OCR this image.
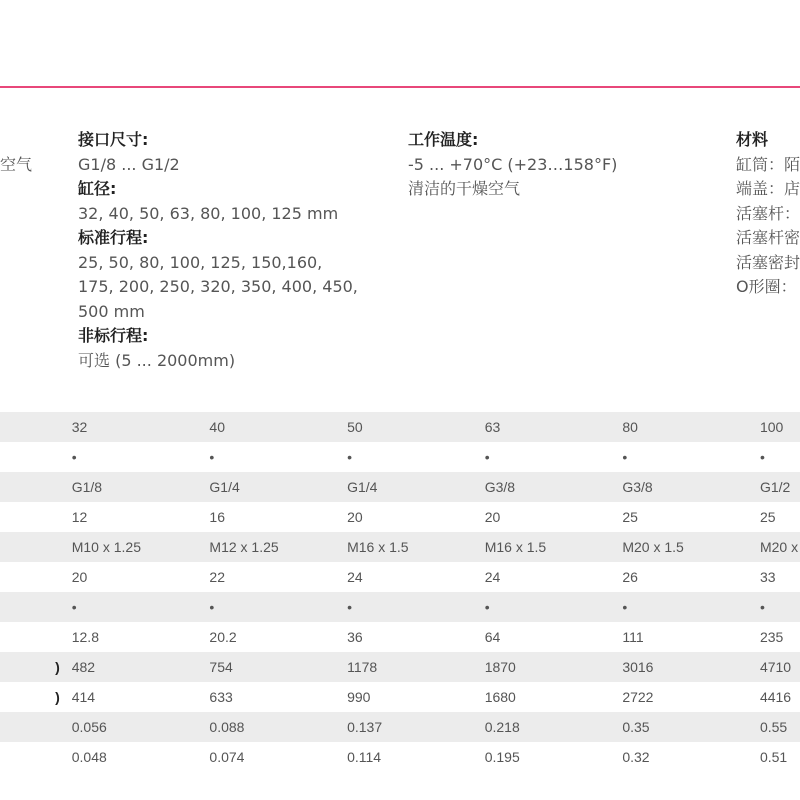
空气
接口尺寸:
G1/8 ... G1/2
缸径:
32, 40, 50, 63, 80, 100, 125 mm
标准行程:
25, 50, 80, 100, 125, 150,160,
175, 200, 250, 320, 350, 400, 450,
500 mm
非标行程:
可选 (5 ... 2000mm)
工作温度:
-5 ... +70°C (+23…158°F)
清洁的干燥空气
材料
缸筒：陌
端盖：店
活塞杆：
活塞杆密
活塞密封
O形圈：
	32	40	50	63	80	100
	•	•	•	•	•	•
	G1/8	G1/4	G1/4	G3/8	G3/8	G1/2
	12	16	20	20	25	25
	M10 x 1.25	M12 x 1.25	M16 x 1.5	M16 x 1.5	M20 x 1.5	M20 x
	20	22	24	24	26	33
	•	•	•	•	•	•
	12.8	20.2	36	64	111	235
)	482	754	1178	1870	3016	4710
)	414	633	990	1680	2722	4416
	0.056	0.088	0.137	0.218	0.35	0.55
	0.048	0.074	0.114	0.195	0.32	0.51
